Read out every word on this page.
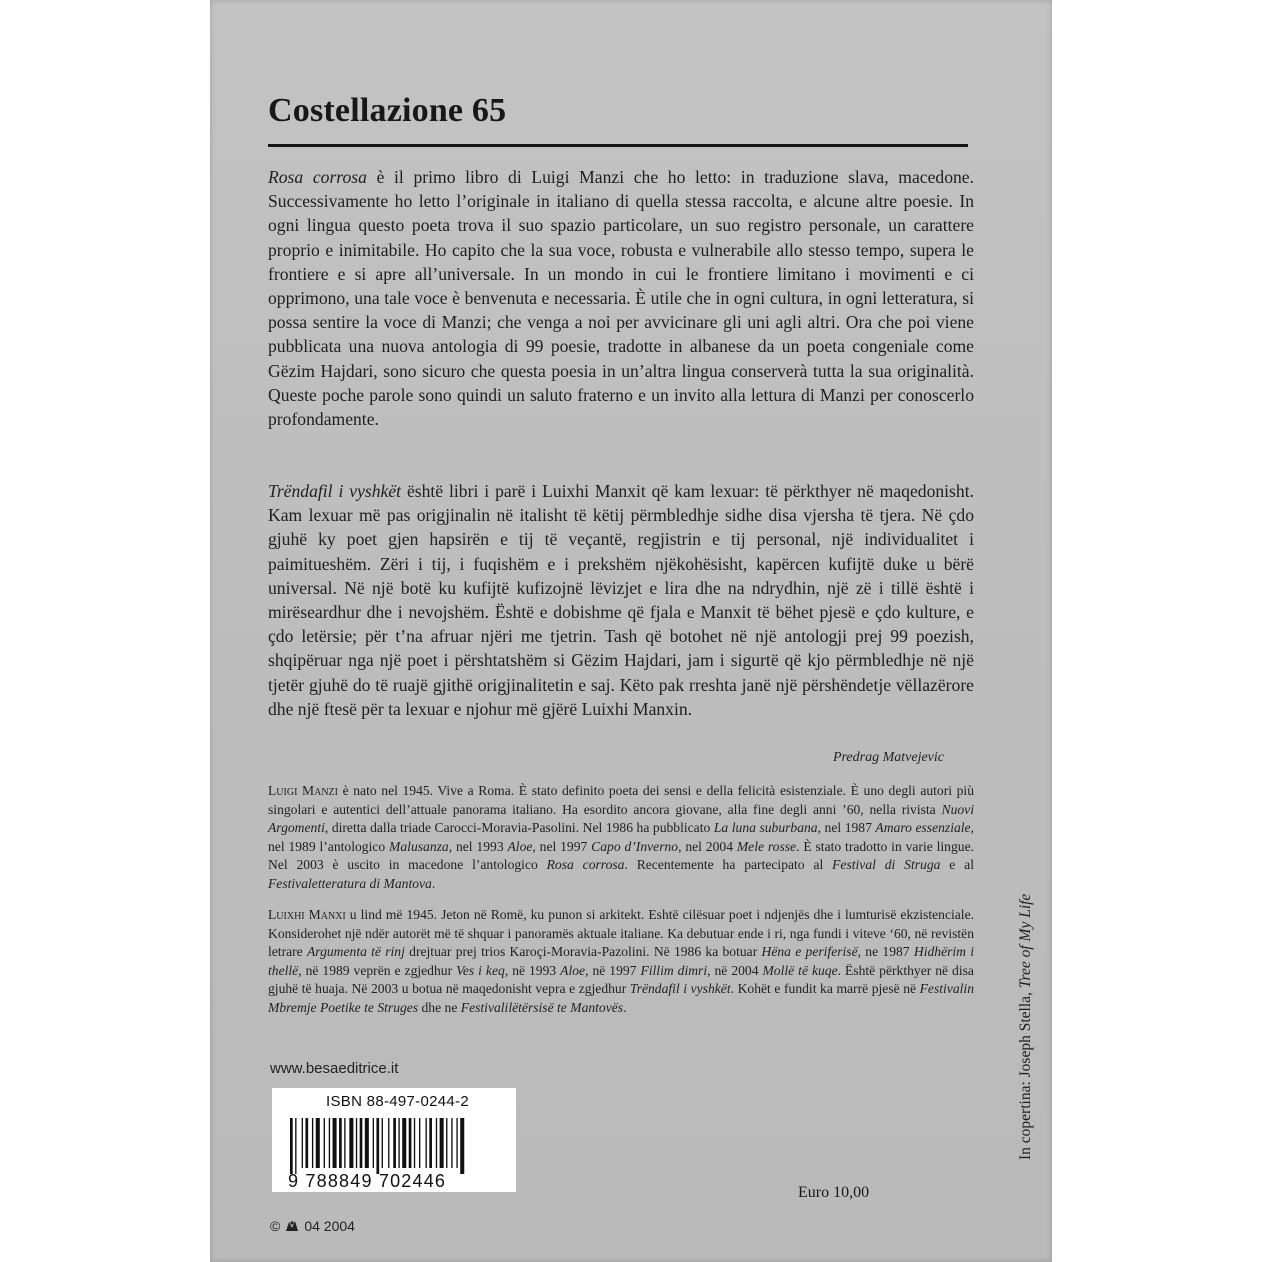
Costellazione 65

Rosa corrosa è il primo libro di Luigi Manzi che ho letto: in traduzione slava, macedone. Successivamente ho letto l’originale in italiano di quella stessa raccolta, e alcune altre poesie. In ogni lingua questo poeta trova il suo spazio particolare, un suo registro personale, un carattere proprio e inimitabile. Ho capito che la sua voce, robusta e vulnerabile allo stesso tempo, supera le frontiere e si apre all’universale. In un mondo in cui le frontiere limitano i movimenti e ci opprimono, una tale voce è benvenuta e necessaria. È utile che in ogni cultura, in ogni letteratura, si possa sentire la voce di Manzi; che venga a noi per avvicinare gli uni agli altri. Ora che poi viene pubblicata una nuova antologia di 99 poesie, tradotte in albanese da un poeta congeniale come Gëzim Hajdari, sono sicuro che questa poesia in un’altra lingua conserverà tutta la sua originalità. Queste poche parole sono quindi un saluto fraterno e un invito alla lettura di Manzi per conoscerlo profondamente.

Trëndafil i vyshkët është libri i parë i Luixhi Manxit që kam lexuar: të përkthyer në maqedonisht. Kam lexuar më pas origjinalin në italisht të këtij përmbledhje sidhe disa vjersha të tjera. Në çdo gjuhë ky poet gjen hapsirën e tij të veçantë, regjistrin e tij personal, një individualitet i paimitueshëm. Zëri i tij, i fuqishëm e i prekshëm njëkohësisht, kapërcen kufijtë duke u bërë universal. Në një botë ku kufijtë kufizojnë lëvizjet e lira dhe na ndrydhin, një zë i tillë është i mirëseardhur dhe i nevojshëm. Është e dobishme që fjala e Manxit të bëhet pjesë e çdo kulture, e çdo letërsie; për t’na afruar njëri me tjetrin. Tash që botohet në një antologji prej 99 poezish, shqipëruar nga një poet i përshtatshëm si Gëzim Hajdari, jam i sigurtë që kjo përmbledhje në një tjetër gjuhë do të ruajë gjithë origjinalitetin e saj. Këto pak rreshta janë një përshëndetje vëllazërore dhe një ftesë për ta lexuar e njohur më gjërë Luixhi Manxin.

Predrag Matvejevic

Luigi Manzi è nato nel 1945. Vive a Roma. È stato definito poeta dei sensi e della felicità esistenziale. È uno degli autori più singolari e autentici dell’attuale panorama italiano. Ha esordito ancora giovane, alla fine degli anni ’60, nella rivista Nuovi Argomenti, diretta dalla triade Carocci-Moravia-Pasolini. Nel 1986 ha pubblicato La luna suburbana, nel 1987 Amaro essenziale, nel 1989 l’antologico Malusanza, nel 1993 Aloe, nel 1997 Capo d’Inverno, nel 2004 Mele rosse. È stato tradotto in varie lingue. Nel 2003 è uscito in macedone l’antologico Rosa corrosa. Recentemente ha partecipato al Festival di Struga e al Festivaletteratura di Mantova.

Luixhi Manxi u lind më 1945. Jeton në Romë, ku punon si arkitekt. Eshtë cilësuar poet i ndjenjës dhe i lumturisë ekzistenciale. Konsiderohet një ndër autorët më të shquar i panoramës aktuale italiane. Ka debutuar ende i ri, nga fundi i viteve ‘60, në revistën letrare Argumenta të rinj drejtuar prej trios Karoçi-Moravia-Pazolini. Në 1986 ka botuar Hëna e periferisë, ne 1987 Hidhërim i thellë, në 1989 veprën e zgjedhur Ves i keq, në 1993 Aloe, në 1997 Fillim dimri, në 2004 Mollë të kuqe. Është përkthyer në disa gjuhë të huaja. Në 2003 u botua në maqedonisht vepra e zgjedhur Trëndafil i vyshkët. Kohët e fundit ka marrë pjesë në Festivalin Mbremje Poetike te Struges dhe ne Festivalilëtërsisë te Mantovës.

www.besaeditrice.it

9 788849 702446
ISBN 88-497-0244-2

Euro 10,00

© 04 2004

In copertina: Joseph Stella, Tree of My Life
